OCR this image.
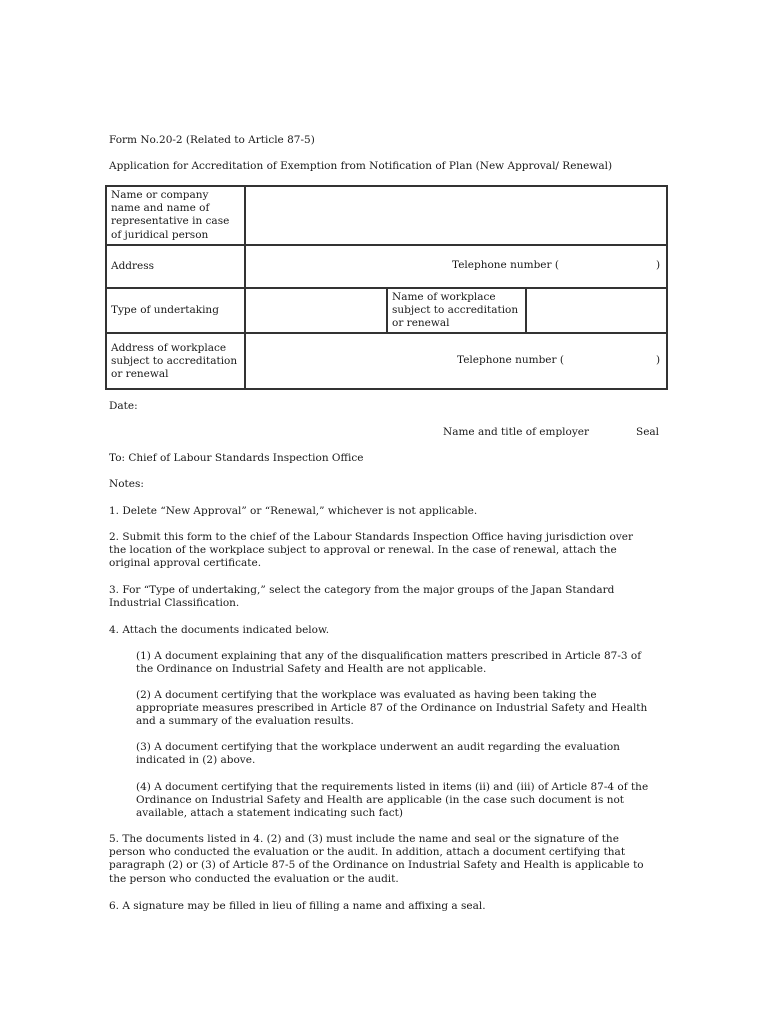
Form No.20-2 (Related to Article 87-5)

Application for Accreditation of Exemption from Notification of Plan (New Approval/ Renewal)

Name or company name and name of representative in case of juridical person			
Address	Telephone number ( )		

Type of undertaking		Name of workplace subject to accreditation or renewal	
Address of workplace subject to accreditation or renewal	Telephone number ( )		

Date:

Name and title of employer	Seal

To: Chief of Labour Standards Inspection Office

Notes:

1. Delete “New Approval” or “Renewal,” whichever is not applicable.

2. Submit this form to the chief of the Labour Standards Inspection Office having jurisdiction over the location of the workplace subject to approval or renewal. In the case of renewal, attach the original approval certificate.

3. For “Type of undertaking,” select the category from the major groups of the Japan Standard Industrial Classification.

4. Attach the documents indicated below.

(1) A document explaining that any of the disqualification matters prescribed in Article 87-3 of the Ordinance on Industrial Safety and Health are not applicable.

(2) A document certifying that the workplace was evaluated as having been taking the appropriate measures prescribed in Article 87 of the Ordinance on Industrial Safety and Health and a summary of the evaluation results.

(3) A document certifying that the workplace underwent an audit regarding the evaluation indicated in (2) above.

(4) A document certifying that the requirements listed in items (ii) and (iii) of Article 87-4 of the Ordinance on Industrial Safety and Health are applicable (in the case such document is not available, attach a statement indicating such fact)

5. The documents listed in 4. (2) and (3) must include the name and seal or the signature of the person who conducted the evaluation or the audit. In addition, attach a document certifying that paragraph (2) or (3) of Article 87-5 of the Ordinance on Industrial Safety and Health is applicable to the person who conducted the evaluation or the audit.

6. A signature may be filled in lieu of filling a name and affixing a seal.
